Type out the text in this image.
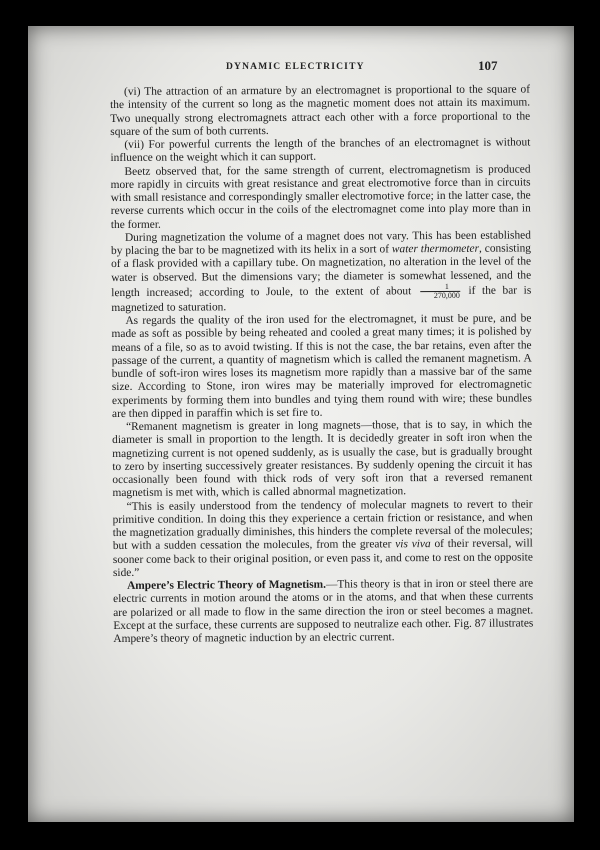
DYNAMIC ELECTRICITY	107

(vi) The attraction of an armature by an electromagnet is proportional to the square of the intensity of the current so long as the magnetic moment does not attain its maximum. Two unequally strong electromagnets attract each other with a force proportional to the square of the sum of both currents.

(vii) For powerful currents the length of the branches of an electromagnet is without influence on the weight which it can support.

Beetz observed that, for the same strength of current, electromagnetism is produced more rapidly in circuits with great resistance and great electromotive force than in circuits with small resistance and correspondingly smaller electromotive force; in the latter case, the reverse currents which occur in the coils of the electromagnet come into play more than in the former.

During magnetization the volume of a magnet does not vary. This has been established by placing the bar to be magnetized with its helix in a sort of water thermometer, consisting of a flask provided with a capillary tube. On magnetization, no alteration in the level of the water is observed. But the dimensions vary; the diameter is somewhat lessened, and the length increased; according to Joule, to the extent of about $\frac{1}{270,000}$ if the bar is magnetized to saturation.

As regards the quality of the iron used for the electromagnet, it must be pure, and be made as soft as possible by being reheated and cooled a great many times; it is polished by means of a file, so as to avoid twisting. If this is not the case, the bar retains, even after the passage of the current, a quantity of magnetism which is called the remanent magnetism. A bundle of soft-iron wires loses its magnetism more rapidly than a massive bar of the same size. According to Stone, iron wires may be materially improved for electromagnetic experiments by forming them into bundles and tying them round with wire; these bundles are then dipped in paraffin which is set fire to.

“Remanent magnetism is greater in long magnets—those, that is to say, in which the diameter is small in proportion to the length. It is decidedly greater in soft iron when the magnetizing current is not opened suddenly, as is usually the case, but is gradually brought to zero by inserting successively greater resistances. By suddenly opening the circuit it has occasionally been found with thick rods of very soft iron that a reversed remanent magnetism is met with, which is called abnormal magnetization.

“This is easily understood from the tendency of molecular magnets to revert to their primitive condition. In doing this they experience a certain friction or resistance, and when the magnetization gradually diminishes, this hinders the complete reversal of the molecules; but with a sudden cessation the molecules, from the greater vis viva of their reversal, will sooner come back to their original position, or even pass it, and come to rest on the opposite side.”

Ampere’s Electric Theory of Magnetism.—This theory is that in iron or steel there are electric currents in motion around the atoms or in the atoms, and that when these currents are polarized or all made to flow in the same direction the iron or steel becomes a magnet. Except at the surface, these currents are supposed to neutralize each other. Fig. 87 illustrates Ampere’s theory of magnetic induction by an electric current.
